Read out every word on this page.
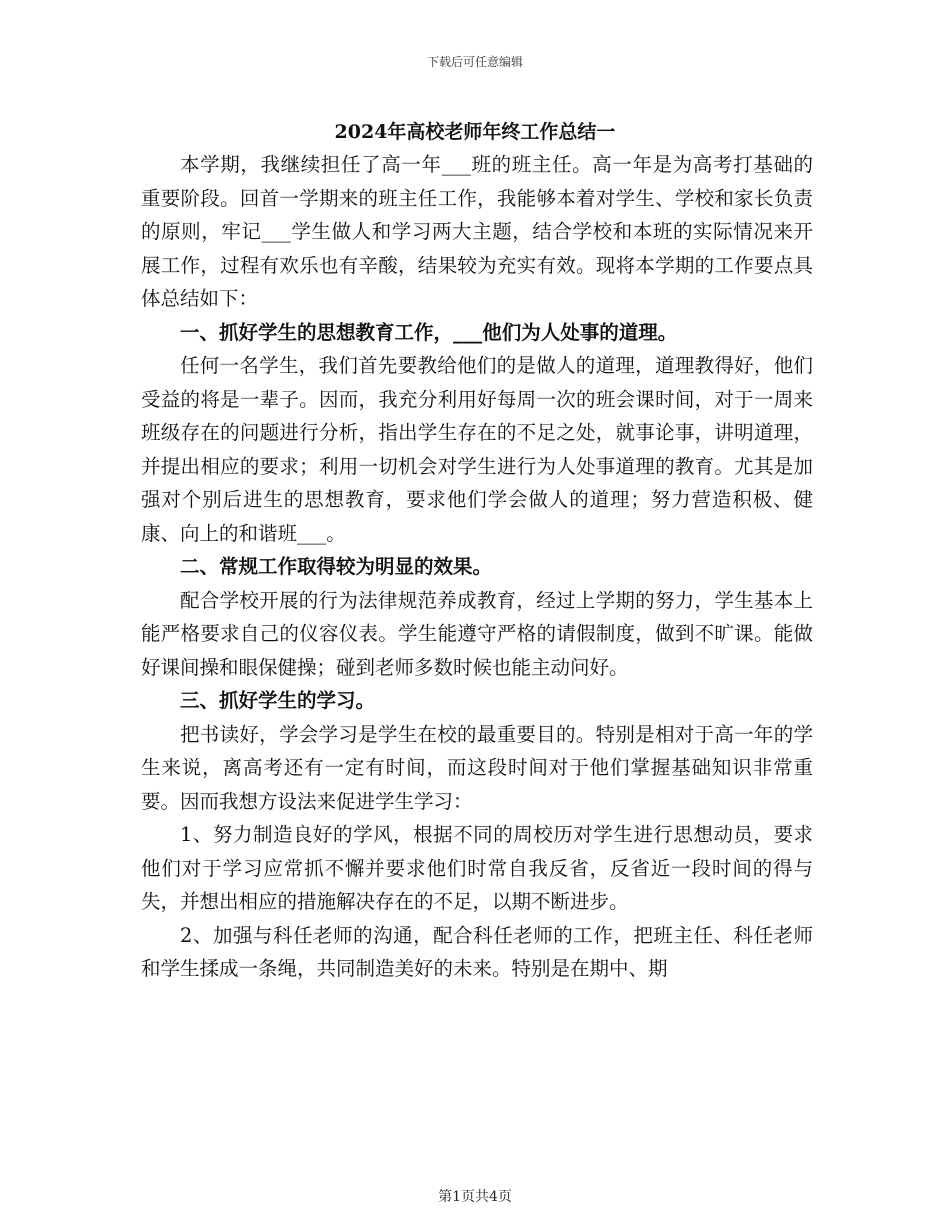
下载后可任意编辑
2024年高校老师年终工作总结一

本学期，我继续担任了高一年___班的班主任。高一年是为高考打基础的重要阶段。回首一学期来的班主任工作，我能够本着对学生、学校和家长负责的原则，牢记___学生做人和学习两大主题，结合学校和本班的实际情况来开展工作，过程有欢乐也有辛酸，结果较为充实有效。现将本学期的工作要点具体总结如下：

一、抓好学生的思想教育工作，___他们为人处事的道理。

任何一名学生，我们首先要教给他们的是做人的道理，道理教得好，他们受益的将是一辈子。因而，我充分利用好每周一次的班会课时间，对于一周来班级存在的问题进行分析，指出学生存在的不足之处，就事论事，讲明道理，并提出相应的要求；利用一切机会对学生进行为人处事道理的教育。尤其是加强对个别后进生的思想教育，要求他们学会做人的道理；努力营造积极、健康、向上的和谐班___。

二、常规工作取得较为明显的效果。

配合学校开展的行为法律规范养成教育，经过上学期的努力，学生基本上能严格要求自己的仪容仪表。学生能遵守严格的请假制度，做到不旷课。能做好课间操和眼保健操；碰到老师多数时候也能主动问好。

三、抓好学生的学习。

把书读好，学会学习是学生在校的最重要目的。特别是相对于高一年的学生来说，离高考还有一定有时间，而这段时间对于他们掌握基础知识非常重要。因而我想方设法来促进学生学习：

1、努力制造良好的学风，根据不同的周校历对学生进行思想动员，要求他们对于学习应常抓不懈并要求他们时常自我反省，反省近一段时间的得与失，并想出相应的措施解决存在的不足，以期不断进步。

2、加强与科任老师的沟通，配合科任老师的工作，把班主任、科任老师和学生揉成一条绳，共同制造美好的未来。特别是在期中、期

第1页共4页
